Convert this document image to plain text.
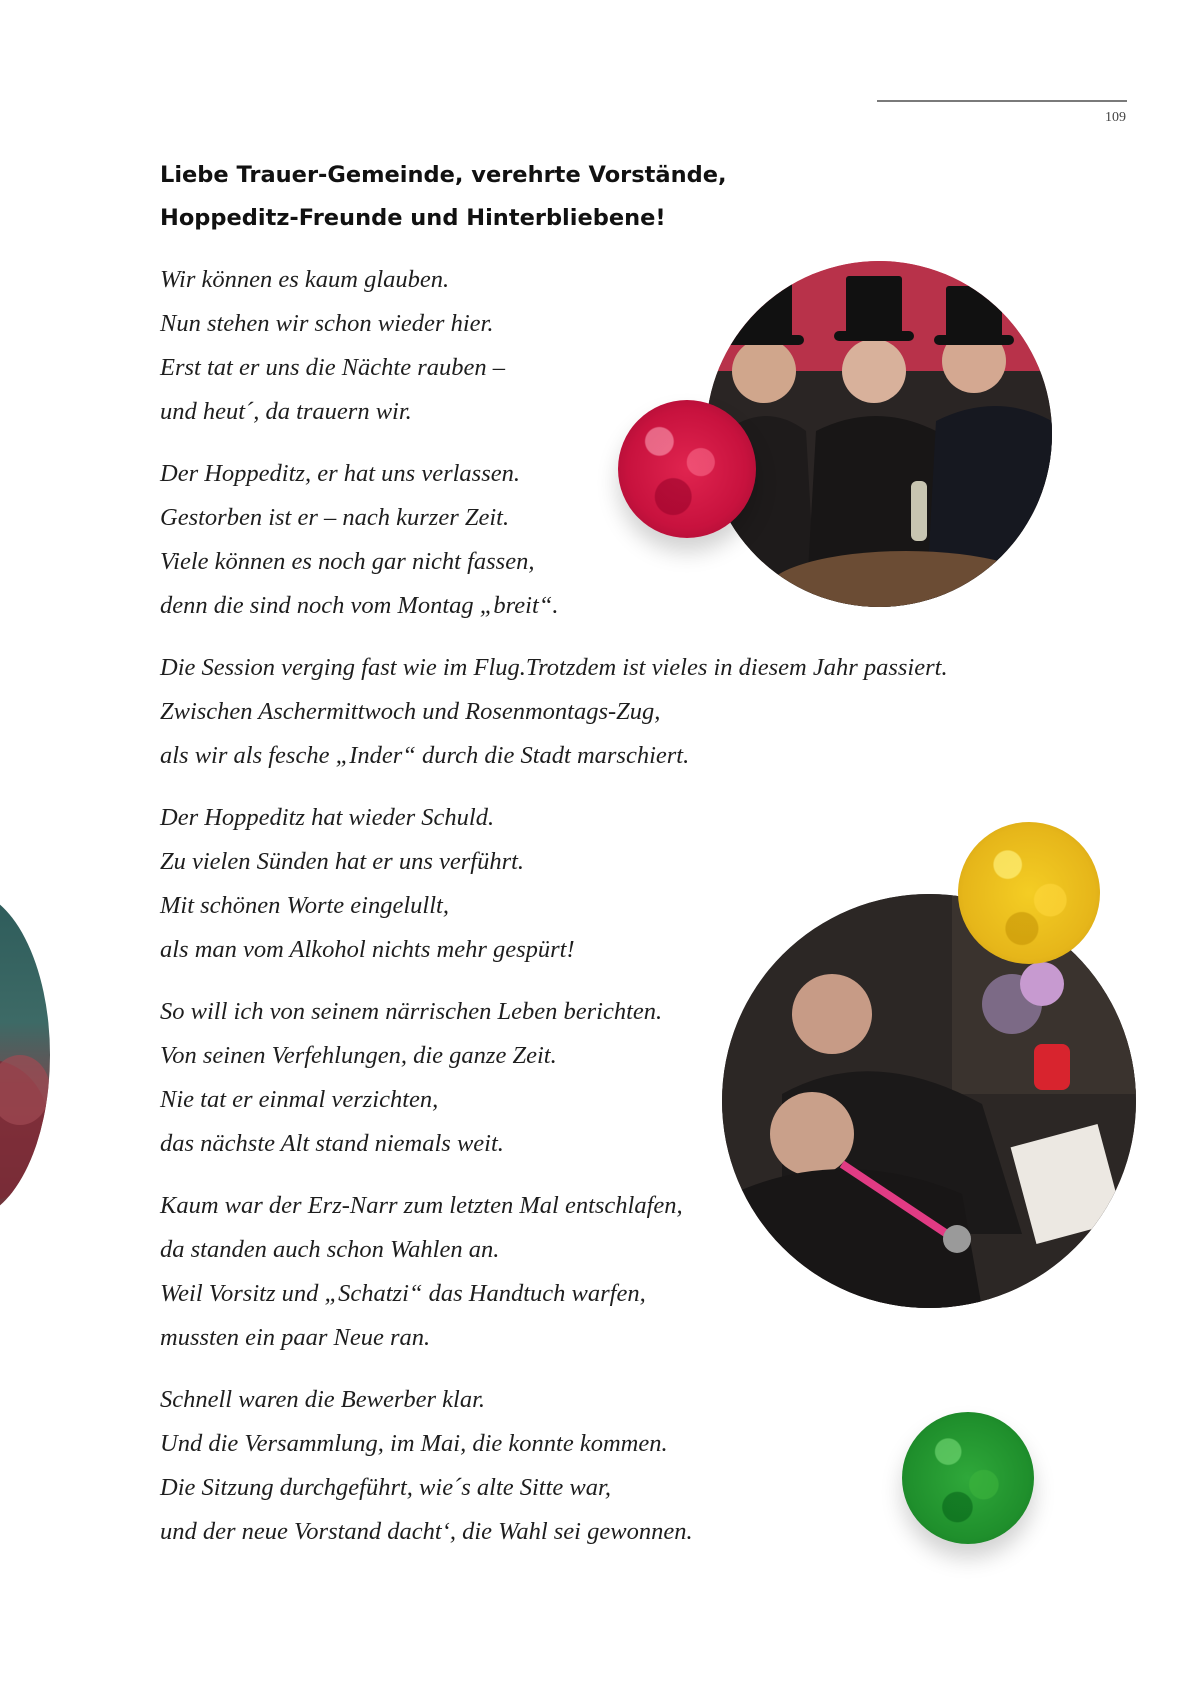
109
Liebe Trauer-Gemeinde, verehrte Vorstände,
Hoppeditz-Freunde und Hinterbliebene!
Wir können es kaum glauben.
Nun stehen wir schon wieder hier.
Erst tat er uns die Nächte rauben –
und heut´, da trauern wir.
Der Hoppeditz, er hat uns verlassen.
Gestorben ist er – nach kurzer Zeit.
Viele können es noch gar nicht fassen,
denn die sind noch vom Montag „breit“.
Die Session verging fast wie im Flug.Trotzdem ist vieles in diesem Jahr passiert.
Zwischen Aschermittwoch und Rosenmontags-Zug,
als wir als fesche „Inder“ durch die Stadt marschiert.
Der Hoppeditz hat wieder Schuld.
Zu vielen Sünden hat er uns verführt.
Mit schönen Worte eingelullt,
als man vom Alkohol nichts mehr gespürt!
So will ich von seinem närrischen Leben berichten.
Von seinen Verfehlungen, die ganze Zeit.
Nie tat er einmal verzichten,
das nächste Alt stand niemals weit.
Kaum war der Erz-Narr zum letzten Mal entschlafen,
da standen auch schon Wahlen an.
Weil Vorsitz und „Schatzi“ das Handtuch warfen,
mussten ein paar Neue ran.
Schnell waren die Bewerber klar.
Und die Versammlung, im Mai, die konnte kommen.
Die Sitzung durchgeführt, wie´s alte Sitte war,
und der neue Vorstand dacht‘, die Wahl sei gewonnen.
